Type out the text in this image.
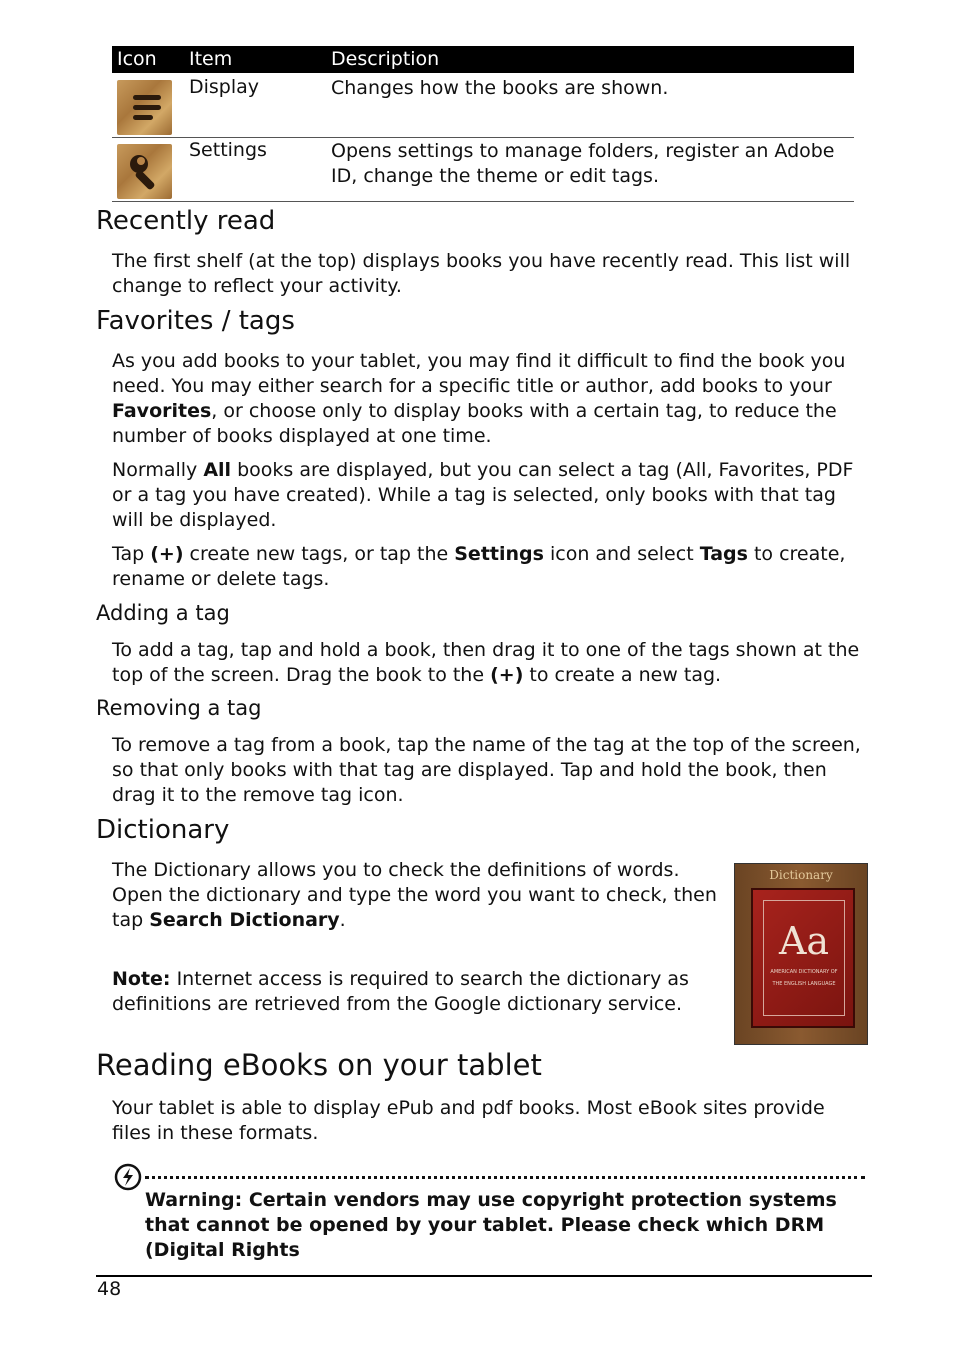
Icon Item	Description
Display	Changes how the books are shown.
Settings	Opens settings to manage folders, register an Adobe ID, change the theme or edit tags.
Recently read

The first shelf (at the top) displays books you have recently read. This list will change to reflect your activity.

Favorites / tags

As you add books to your tablet, you may find it difficult to find the book you need. You may either search for a specific title or author, add books to your Favorites, or choose only to display books with a certain tag, to reduce the number of books displayed at one time.

Normally All books are displayed, but you can select a tag (All, Favorites, PDF or a tag you have created). While a tag is selected, only books with that tag will be displayed.

Tap (+) create new tags, or tap the Settings icon and select Tags to create, rename or delete tags.

Adding a tag

To add a tag, tap and hold a book, then drag it to one of the tags shown at the top of the screen. Drag the book to the (+) to create a new tag.

Removing a tag

To remove a tag from a book, tap the name of the tag at the top of the screen, so that only books with that tag are displayed. Tap and hold the book, then drag it to the remove tag icon.

Dictionary

The Dictionary allows you to check the definitions of words. Open the dictionary and type the word you want to check, then tap Search Dictionary.

Note: Internet access is required to search the dictionary as definitions are retrieved from the Google dictionary service.

Dictionary
Aa
AMERICAN DICTIONARY OF
THE ENGLISH LANGUAGE
Reading eBooks on your tablet

Your tablet is able to display ePub and pdf books. Most eBook sites provide files in these formats.

Warning: Certain vendors may use copyright protection systems that cannot be opened by your tablet. Please check which DRM (Digital Rights

48
